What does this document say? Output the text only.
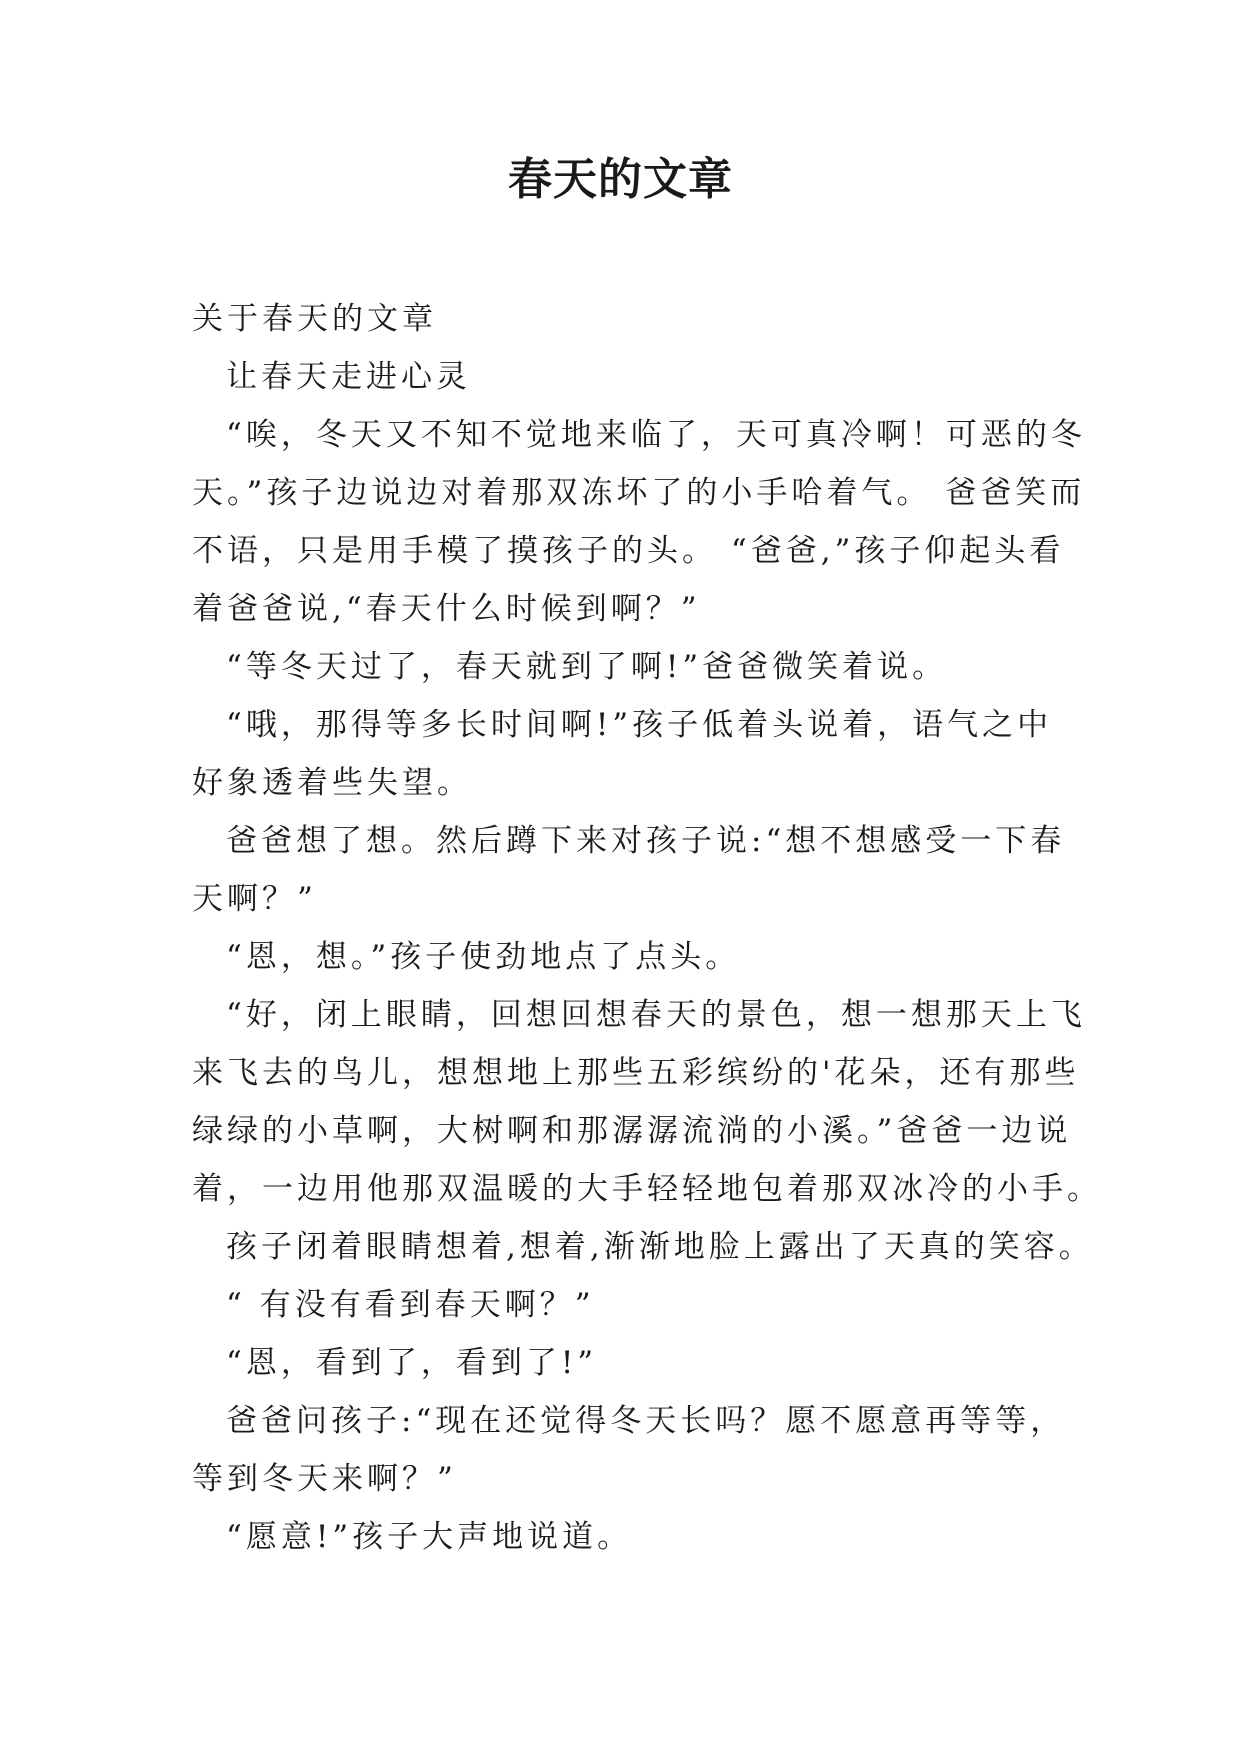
春天的文章
关于春天的文章
让春天走进心灵
“唉，冬天又不知不觉地来临了，天可真冷啊！可恶的冬
天。”孩子边说边对着那双冻坏了的小手哈着气。 爸爸笑而
不语，只是用手模了摸孩子的头。 “爸爸,”孩子仰起头看
着爸爸说,“春天什么时候到啊？”
“等冬天过了，春天就到了啊!”爸爸微笑着说。
“哦，那得等多长时间啊!”孩子低着头说着，语气之中
好象透着些失望。
爸爸想了想。然后蹲下来对孩子说:“想不想感受一下春
天啊？”
“恩，想。”孩子使劲地点了点头。
“好，闭上眼睛，回想回想春天的景色，想一想那天上飞
来飞去的鸟儿，想想地上那些五彩缤纷的'花朵，还有那些
绿绿的小草啊，大树啊和那潺潺流淌的小溪。”爸爸一边说
着，一边用他那双温暖的大手轻轻地包着那双冰冷的小手。
孩子闭着眼睛想着,想着,渐渐地脸上露出了天真的笑容。
“ 有没有看到春天啊？”
“恩，看到了，看到了!”
爸爸问孩子:“现在还觉得冬天长吗？愿不愿意再等等，
等到冬天来啊？”
“愿意!”孩子大声地说道。
